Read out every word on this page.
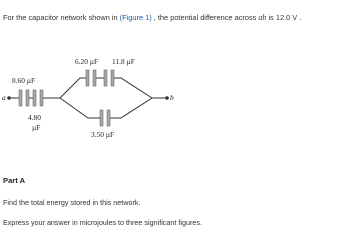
For the capacitor network shown in (Figure 1) , the potential difference across ab is 12.0 V .
a	b
8.60 µF
6.20 µF 11.8 µF
4.80
µF
3.50 µF
Part A
Find the total energy stored in this network.
Express your answer in microjoules to three significant figures.
